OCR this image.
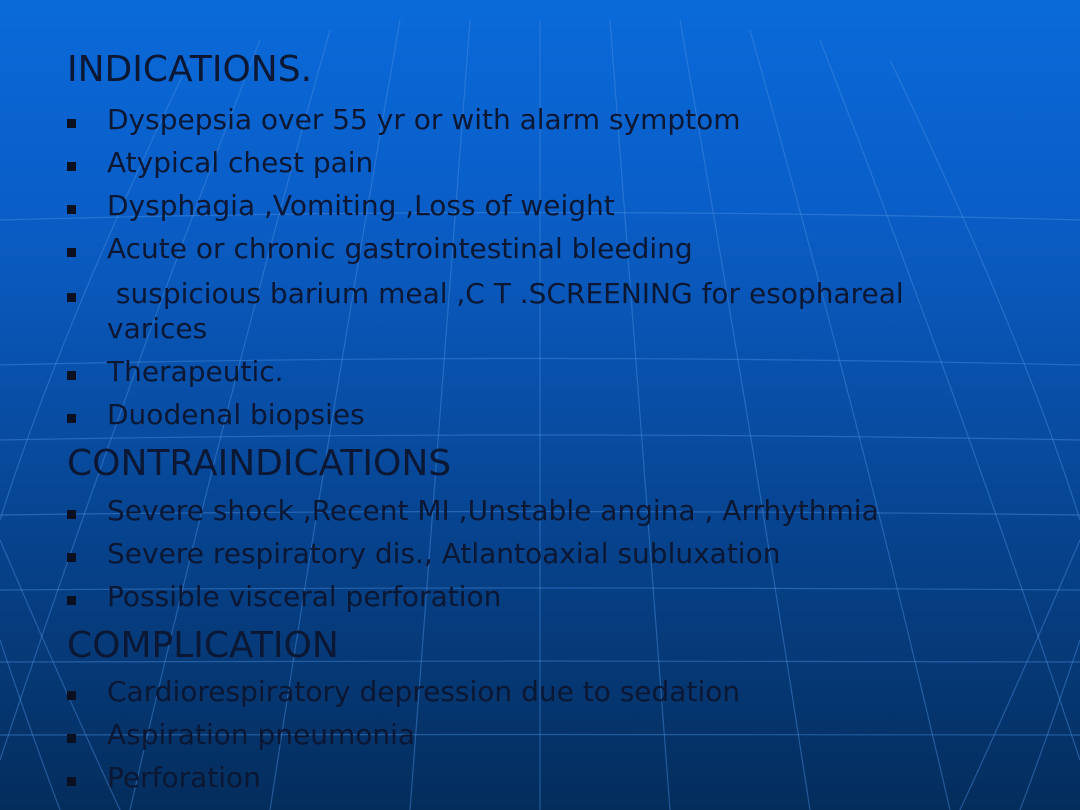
INDICATIONS.
Dyspepsia over 55 yr or with alarm symptom
Atypical chest pain
Dysphagia ,Vomiting ,Loss of weight
Acute or chronic gastrointestinal bleeding
suspicious barium meal ,C T .SCREENING for esophareal varices
Therapeutic.
Duodenal biopsies
CONTRAINDICATIONS
Severe shock ,Recent MI ,Unstable angina , Arrhythmia
Severe respiratory dis., Atlantoaxial subluxation
Possible visceral perforation
COMPLICATION
Cardiorespiratory depression due to sedation
Aspiration pneumonia
Perforation
